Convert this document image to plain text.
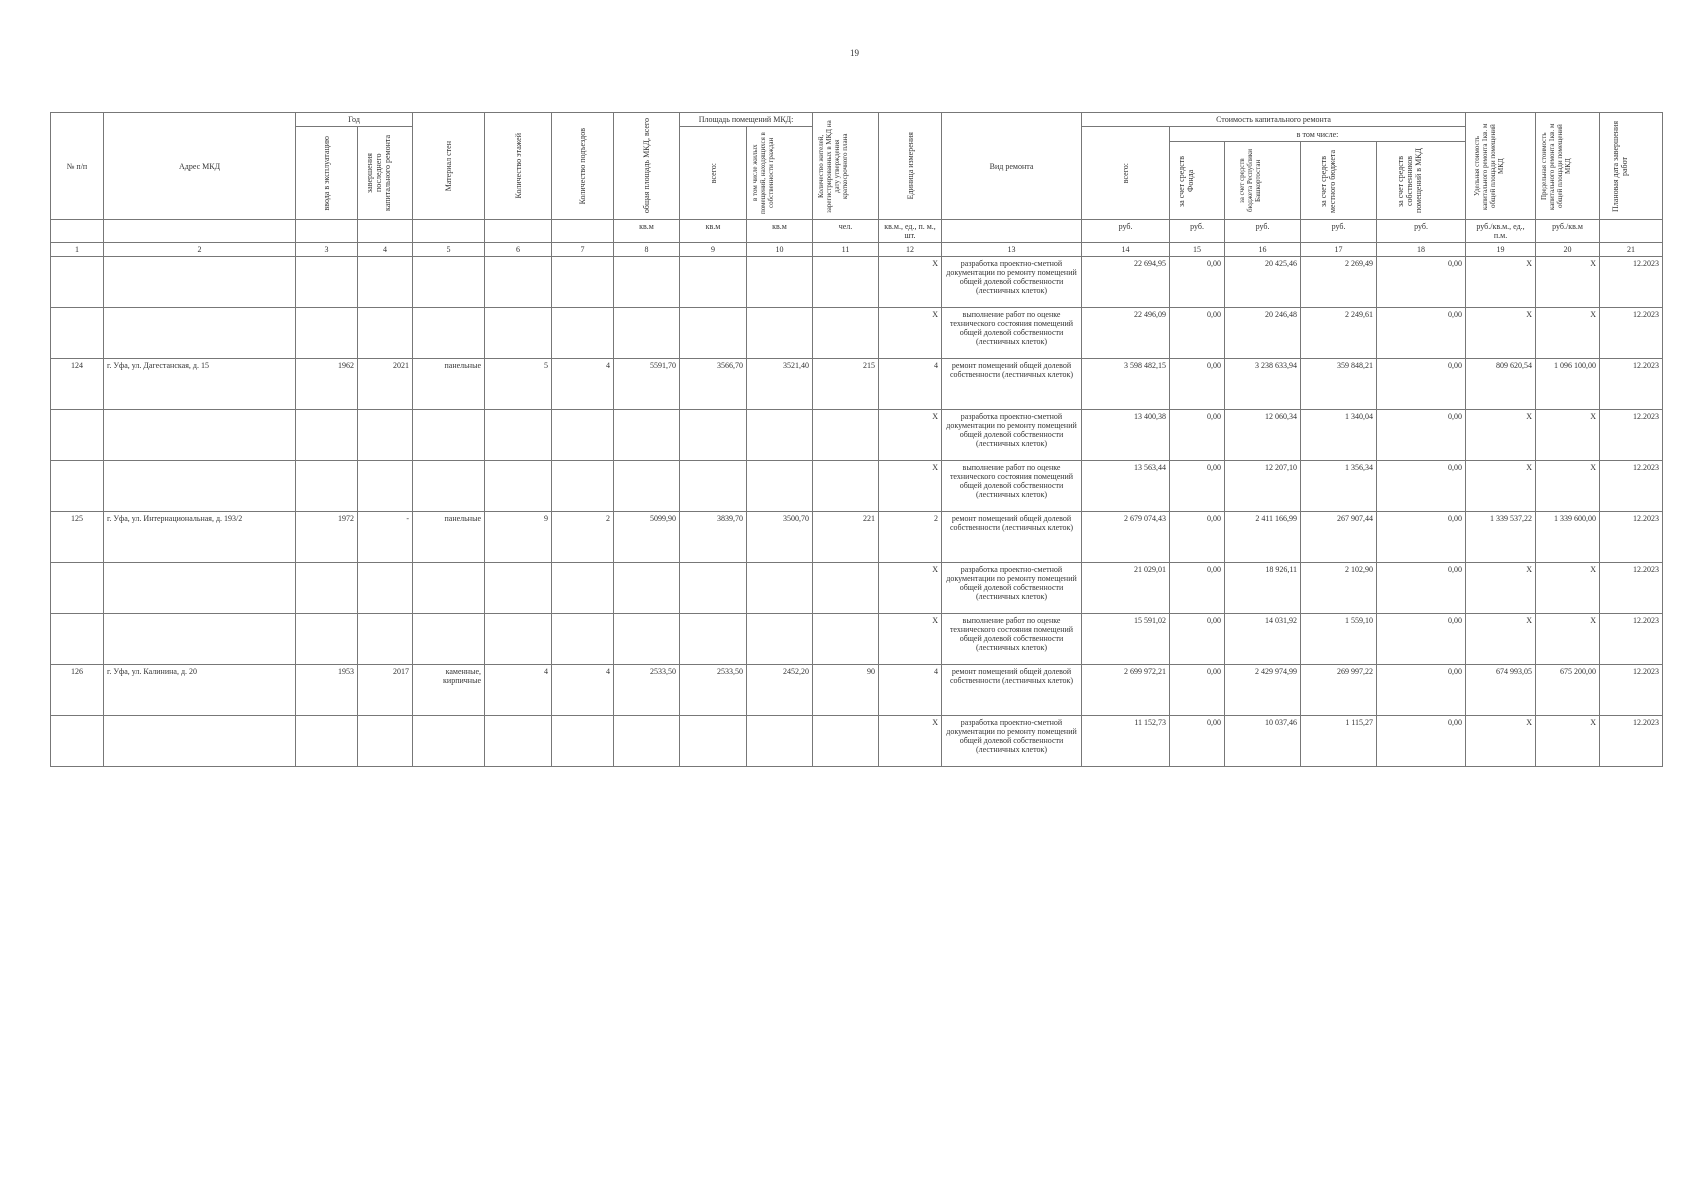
19
№ п/п	Адрес МКД	Год		Материал стен	Количество этажей	Количество подъездов	общая площадь МКД, всего	Площадь помещений МКД:		Количество жителей, зарегистрированных в МКД на дату утверждения краткосрочного плана	Единица измерения	Вид ремонта	Стоимость капитального ремонта					Удельная стоимость капитального ремонта 1кв. м общей площади помещений МКД	Предельная стоимость капитального ремонта 1кв. м общей площади помещений МКД	Плановая дата завершения работ

		ввода в эксплуатацию	завершения последнего капитального ремонта					всего:	в том числе жилых помещений, находящихся в собственности граждан				всего:	в том числе:						

														за счет средств Фонда	за счет средств бюджета Республики Башкортостан	за счет средств местного бюджета	за счет средств собственников помещений в МКД			

							кв.м	кв.м	кв.м	чел.	кв.м., ед., п. м., шт.		руб.	руб.	руб.	руб.	руб.	руб./кв.м., ед., п.м.	руб./кв.м	
1	2	3	4	5	6	7	8	9	10	11	12	13	14	15	16	17	18	19	20	21
											X	разработка проектно-сметной документации по ремонту помещений общей долевой собственности (лестничных клеток)	22 694,95	0,00	20 425,46	2 269,49	0,00	X	X	12.2023
											X	выполнение работ по оценке технического состояния помещений общей долевой собственности (лестничных клеток)	22 496,09	0,00	20 246,48	2 249,61	0,00	X	X	12.2023
124	г. Уфа, ул. Дагестанская, д. 15	1962	2021	панельные	5	4	5591,70	3566,70	3521,40	215	4	ремонт помещений общей долевой собственности (лестничных клеток)	3 598 482,15	0,00	3 238 633,94	359 848,21	0,00	809 620,54	1 096 100,00	12.2023
											X	разработка проектно-сметной документации по ремонту помещений общей долевой собственности (лестничных клеток)	13 400,38	0,00	12 060,34	1 340,04	0,00	X	X	12.2023
											X	выполнение работ по оценке технического состояния помещений общей долевой собственности (лестничных клеток)	13 563,44	0,00	12 207,10	1 356,34	0,00	X	X	12.2023
125	г. Уфа, ул. Интернациональная, д. 193/2	1972	-	панельные	9	2	5099,90	3839,70	3500,70	221	2	ремонт помещений общей долевой собственности (лестничных клеток)	2 679 074,43	0,00	2 411 166,99	267 907,44	0,00	1 339 537,22	1 339 600,00	12.2023
											X	разработка проектно-сметной документации по ремонту помещений общей долевой собственности (лестничных клеток)	21 029,01	0,00	18 926,11	2 102,90	0,00	X	X	12.2023
											X	выполнение работ по оценке технического состояния помещений общей долевой собственности (лестничных клеток)	15 591,02	0,00	14 031,92	1 559,10	0,00	X	X	12.2023
126	г. Уфа, ул. Калинина, д. 20	1953	2017	каменные, кирпичные	4	4	2533,50	2533,50	2452,20	90	4	ремонт помещений общей долевой собственности (лестничных клеток)	2 699 972,21	0,00	2 429 974,99	269 997,22	0,00	674 993,05	675 200,00	12.2023
											X	разработка проектно-сметной документации по ремонту помещений общей долевой собственности (лестничных клеток)	11 152,73	0,00	10 037,46	1 115,27	0,00	X	X	12.2023
